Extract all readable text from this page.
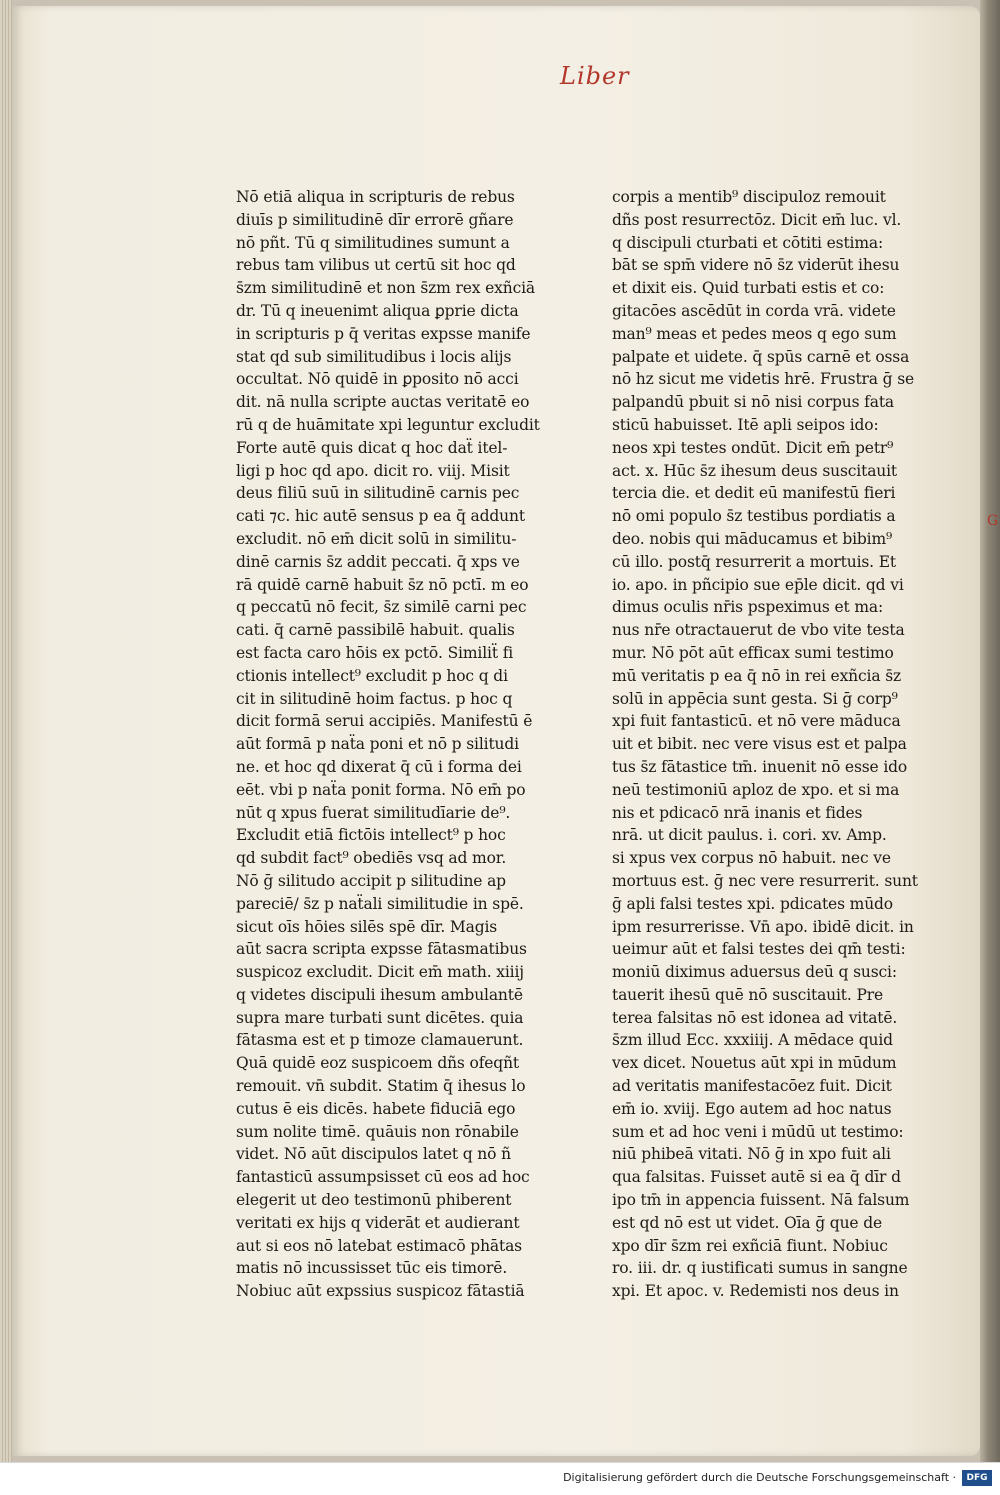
Liber
Nō etiā aliqua in scripturis de rebus
diuīs p similitudinē dīr errorē gñare
nō pñt. Tū q similitudines sumunt a
rebus tam vilibus ut certū sit hoc qd
s̄zm similitudinē et non s̄zm rex exñciā
dr. Tū q ineuenimt aliqua ꝑprie dicta
in scripturis p q̄ veritas expsse manife
stat qd sub similitudibus i locis alijs
occultat. Nō quidē in ꝑposito nō acci
dit. nā nulla scripte auctas veritatē eo
rū q de huāmitate xpi leguntur excludit
Forte autē quis dicat q hoc daẗ itel-
ligi p hoc qd apo. dicit ro. viij. Misit
deus filiū suū in silitudinē carnis pec
cati ⁊c. hic autē sensus p ea q̄ addunt
excludit. nō em̄ dicit solū in similitu-
dinē carnis s̄z addit peccati. q̄ xps ve
rā quidē carnē habuit s̄z nō pctī. m eo
q peccatū nō fecit, s̄z similē carni pec
cati. q̄ carnē passibilē habuit. qualis
est facta caro hōis ex pctō. Similiẗ fi
ctionis intellect⁹ excludit p hoc q di
cit in silitudinē hoim factus. p hoc q
dicit formā serui accipiēs. Manifestū ē
aūt formā p naẗa poni et nō p silitudi
ne. et hoc qd dixerat q̄ cū i forma dei
eēt. vbi p naẗa ponit forma. Nō em̄ po
nūt q xpus fuerat similitudīarie de⁹.
Excludit etiā fictōis intellect⁹ p hoc
qd subdit fact⁹ obediēs vsq ad mor.
Nō ḡ silitudo accipit p silitudine ap
pareciē/ s̄z p naẗali similitudie in spē.
sicut oīs hōies silēs spē dīr. Magis
aūt sacra scripta expsse fātasmatibus
suspicoz excludit. Dicit em̄ math. xiiij
q videtes discipuli ihesum ambulantē
supra mare turbati sunt dicētes. quia
fātasma est et p timoze clamauerunt.
Quā quidē eoz suspicoem dñs ofeqñt
remouit. vn̄ subdit. Statim q̄ ihesus lo
cutus ē eis dicēs. habete fiduciā ego
sum nolite timē. quāuis non rōnabile
videt. Nō aūt discipulos latet q nō ñ
fantasticū assumpsisset cū eos ad hoc
elegerit ut deo testimonū phiberent
veritati ex hijs q viderāt et audierant
aut si eos nō latebat estimacō phātas
matis nō incussisset tūc eis timorē.
Nobiuc aūt expssius suspicoz fātastiā
corpis a mentib⁹ discipuloz remouit
dñs post resurrectōz. Dicit em̄ luc. vl.
q discipuli cturbati et cōtiti estima:
bāt se spm̄ videre nō s̄z viderūt ihesu
et dixit eis. Quid turbati estis et co:
gitacōes ascēdūt in corda vrā. videte
man⁹ meas et pedes meos q ego sum
palpate et uidete. q̄ spūs carnē et ossa
nō hz sicut me videtis hrē. Frustra ḡ se
palpandū pbuit si nō nisi corpus fata
sticū habuisset. Itē apli seipos ido:
neos xpi testes ondūt. Dicit em̄ petr⁹
act. x. Hūc s̄z ihesum deus suscitauit
tercia die. et dedit eū manifestū fieri
nō omi populo s̄z testibus pordiatis a
deo. nobis qui māducamus et bibim⁹
cū illo. postq̄ resurrerit a mortuis. Et
io. apo. in pñcipio sue ep̄le dicit. qd vi
dimus oculis nr̄is pspeximus et ma:
nus nr̄e otractauerut de vbo vite testa
mur. Nō pōt aūt efficax sumi testimo
mū veritatis p ea q̄ nō in rei exñcia s̄z
solū in appēcia sunt gesta. Si ḡ corp⁹
xpi fuit fantasticū. et nō vere māduca
uit et bibit. nec vere visus est et palpa
tus s̄z fātastice tm̄. inuenit nō esse ido
neū testimoniū aploz de xpo. et si ma
nis et pdicacō nrā inanis et fides
nrā. ut dicit paulus. i. cori. xv. Amp.
si xpus vex corpus nō habuit. nec ve
mortuus est. ḡ nec vere resurrerit. sunt
ḡ apli falsi testes xpi. pdicates mūdo
ipm resurrerisse. Vn̄ apo. ibidē dicit. in
ueimur aūt et falsi testes dei qm̄ testi:
moniū diximus aduersus deū q susci:
tauerit ihesū quē nō suscitauit. Pre
terea falsitas nō est idonea ad vitatē.
s̄zm illud Ecc. xxxiiij. A mēdace quid
vex dicet. Nouetus aūt xpi in mūdum
ad veritatis manifestacōez fuit. Dicit
em̄ io. xviij. Ego autem ad hoc natus
sum et ad hoc veni i mūdū ut testimo:
niū phibeā vitati. Nō ḡ in xpo fuit ali
qua falsitas. Fuisset autē si ea q̄ dīr d
ipo tm̄ in appencia fuissent. Nā falsum
est qd nō est ut videt. Oīa ḡ que de
xpo dīr s̄zm rei exñciā fiunt. Nobiuc
ro. iii. dr. q iustificati sumus in sangne
xpi. Et apoc. v. Redemisti nos deus in
G
Digitalisierung gefördert durch die Deutsche Forschungsgemeinschaft ·	DFG
